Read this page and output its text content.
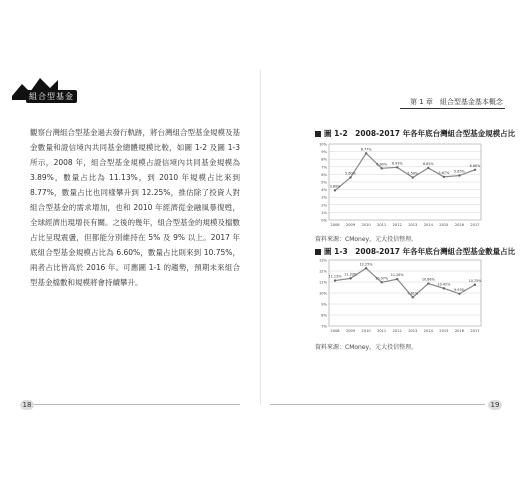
組合型基金
觀察台灣組合型基金過去發行軌跡，將台灣組合型基金規模及基金數量和證信境內共同基金總體規模比較，如圖 1-2 及圖 1-3 所示，2008 年，組合型基金規模占證信境內共同基金規模為 3.89%，數量占比為 11.13%，到 2010 年規模占比來到 8.77%，數量占比也同樣攀升到 12.25%，推估除了投資人對組合型基金的需求增加，也和 2010 年經濟從金融風暴復甦，全球經濟出現增長有關。之後的幾年，組合型基金的規模及檔數占比呈現震盪，但都能分別維持在 5% 及 9% 以上。2017 年底組合型基金規模占比為 6.60%，數量占比則來到 10.75%，兩者占比皆高於 2016 年。可應圖 1-1 的趨勢，預期未來組合型基金檔數和規模將會持續攀升。
18
第 1 章　組合型基金基本概念
圖 1-2　2008-2017 年各年底台灣組合型基金規模占比
0%
1%
2%
3%
4%
5%
6%
7%
8%
9%
10%
2008 2009 2010 2011 2012 2013 2014 2015 2016 2017
3.89%
5.60%
8.77%
6.80% 6.93%
5.59%
6.85%
5.67% 5.85%
6.60%
資料來源：CMoney，元大投信整理。
圖 1-3　2008-2017 年各年底台灣組合型基金數量占比
7%
8%
9%
10%
11%
12%
13%
2008 2009 2010 2011 2012 2013 2014 2015 2016 2017
11.13%
11.33%
12.25%
10.97%
11.26%
9.61%
10.86%
10.42%
9.93%
10.75%
資料來源：CMoney，元大投信整理。
19
